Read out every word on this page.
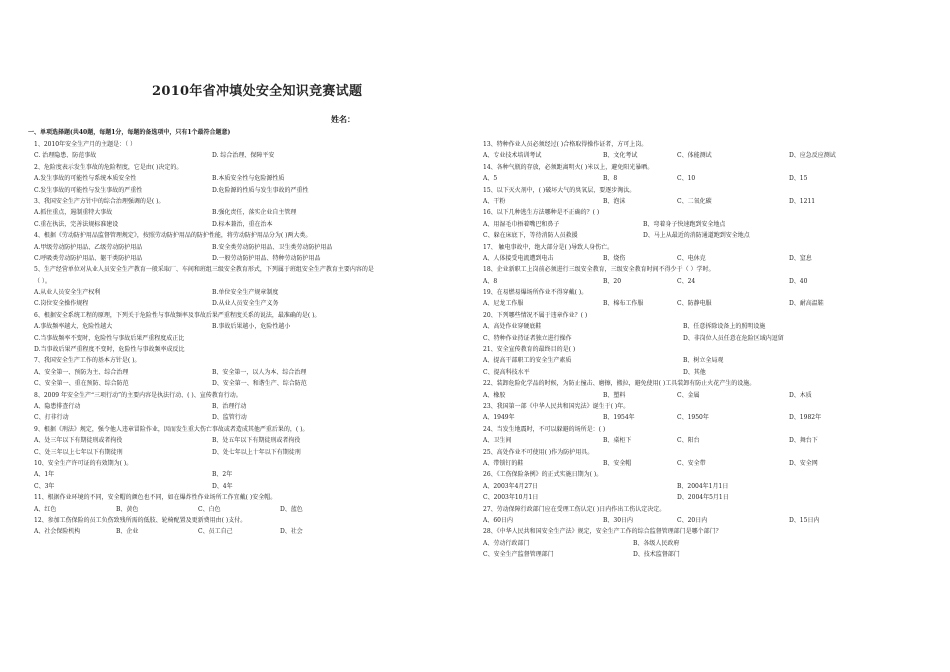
2010年省冲填处安全知识竞赛试题
姓名：
一、单项选择题(共40题，每题1分，每题的备选项中，只有1个最符合题意)
1、2010年安全生产月的主题是：（ ）
C. 治理隐患、防范事故	D. 综合治理、保障平安
2、危险度表示发生事故的危险程度，它是由( )决定的。
A.发生事故的可能性与系统本质安全性	B.本质安全性与危险源性质
C.发生事故的可能性与发生事故的严重性	D.危险源的性质与发生事故的严重性
3、我国安全生产方针中的综合治理强调的是( )。
A.抓住重点，遏制重特大事故	B.强化责任，落实企业自主管理
C.重在执法，完善法规标准建设	D.标本兼治，重在治本
4、根据《劳动防护用品监督管理规定》，按照劳动防护用品的防护性能，将劳动防护用品分为( )两大类。
A.甲级劳动防护用品、乙级劳动防护用品	B.安全类劳动防护用品、卫生类劳动防护用品
C.呼吸类劳动防护用品、躯干类防护用品	D.一般劳动防护用品、特种劳动防护用品
5、生产经营单位对从业人员安全生产教育一般采取厂、车间和班组三级安全教育形式，下列属于班组安全生产教育主要内容的是
（ ）。
A.从业人员安全生产权利	B.单位安全生产规章制度
C.岗位安全操作规程	D.从业人员安全生产义务
6、根据安全系统工程的原理，下列关于危险性与事故频率及事故后果严重程度关系的说法，最准确的是( )。
A.事故频率越大，危险性越大	B.事故后果越小，危险性越小
C.当事故频率不变时，危险性与事故后果严重程度成正比
D.当事故后果严重程度不变时，危险性与事故频率成反比
7、我国安全生产工作的基本方针是( )。
A、安全第一、预防为主、综合治理	B、安全第一，以人为本、综合治理
C、安全第一、重在预防、综合防范	D、安全第一、和谐生产、综合防范
8、2009 年安全生产“三项行动”的主要内容是执法行动、( )、宣传教育行动。
A、隐患排查行动	B、治理行动
C、打非行动	D、监管行动
9、根据《刑法》规定，强令他人违章冒险作业，因而发生重大伤亡事故或者造成其他严重后果的，( )。
A、处三年以下有期徒刑或者拘役	B、处五年以下有期徒刑或者拘役
C、处三年以上七年以下有期徒刑	D、处七年以上十年以下有期徒刑
10、安全生产许可证的有效期为( )。
A、1年	B、2年
C、3年	D、4年
11、根据作业环境的不同，安全帽的颜色也不同，如在爆炸性作业场所工作宜戴( )安全帽。
A、红色	B、黄色	C、白色	D、蓝色
12、参加工伤保险的员工负伤致残所需的低肢、轮椅配置及更新费用由( )支付。
A、社会保险机构	B、企业	C、员工自己	D、社会
13、特种作业人员必须经过( )合格取得操作证者，方可上岗。
A、专业技术培训考试	B、文化考试	C、体能测试	D、应急反应测试
14、各种气瓶的存放，必须距离明火( )米以上，避免阳光暴晒。
A、5	B、8	C、10	D、15
15、以下灭火剂中，( )破坏大气的臭氧层，要逐步淘汰。
A、干粉	B、泡沫	C、二氧化碳	D、1211
16、以下几种逃生方法哪种是不正确的？( )
A、用湿毛巾捂着嘴巴和鼻子	B、弯着身子快速跑到安全地点
C、躲在床底下，等待消防人员救援	D、马上从最近的消防通道跑到安全地点
17、 触电事故中，绝大部分是( )导致人身伤亡。
A、人体接受电流遭到电击	B、烧伤	C、电休克	D、窒息
18、企业新职工上岗前必须进行三级安全教育，三级安全教育时间不得少于（ ）学时。
A、8	B、20	C、24	D、40
19、在易燃易爆场所作业不得穿戴( )。
A、尼龙工作服	B、棉布工作服	C、防静电服	D、耐高温鞋
20、下列哪些情况不属于违章作业？( )
A、高处作业穿硬底鞋	B、任意拆除设备上的照明设施
C、特种作业持证者独立进行操作	D、非岗位人员任意在危险区域内逗留
21、安全宣传教育的最终目的是( )
A、提高干部职工的安全生产素质	B、树立全局观
C、提高科技水平	D、其他
22、装卸危险化学品的时候，为防止撞击、磨擦，搬拉，避免使用( )工具装卸有防止火花产生的设施。
A、橡胶	B、塑料	C、金属	D、木质
23、我国第一部《中华人民共和国宪法》诞生于( )年。
A、1949年	B、1954年	C、1950年	D、1982年
24、当发生地震时，不可以躲避的场所是：( )
A、卫生间	B、桌柜下	C、阳台	D、舞台下
25、高处作业不可使用( )作为防护用具。
A、带锁钉的鞋	B、安全帽	C、安全带	D、安全网
26、《工伤保险条例》的正式实施日期为( )。
A、2003年4月27日	B、2004年1月1日
C、2003年10月1日	D、2004年5月1日
27、劳动保障行政部门应在受理工伤认定( )日内作出工伤认定决定。
A、60日内	B、30日内	C、20日内	D、15日内
28、《中华人民共和国安全生产法》规定，安全生产工作的综合监督管理部门是哪个部门？
A、劳动行政部门	B、各级人民政府
C、安全生产监督管理部门	D、技术监督部门
